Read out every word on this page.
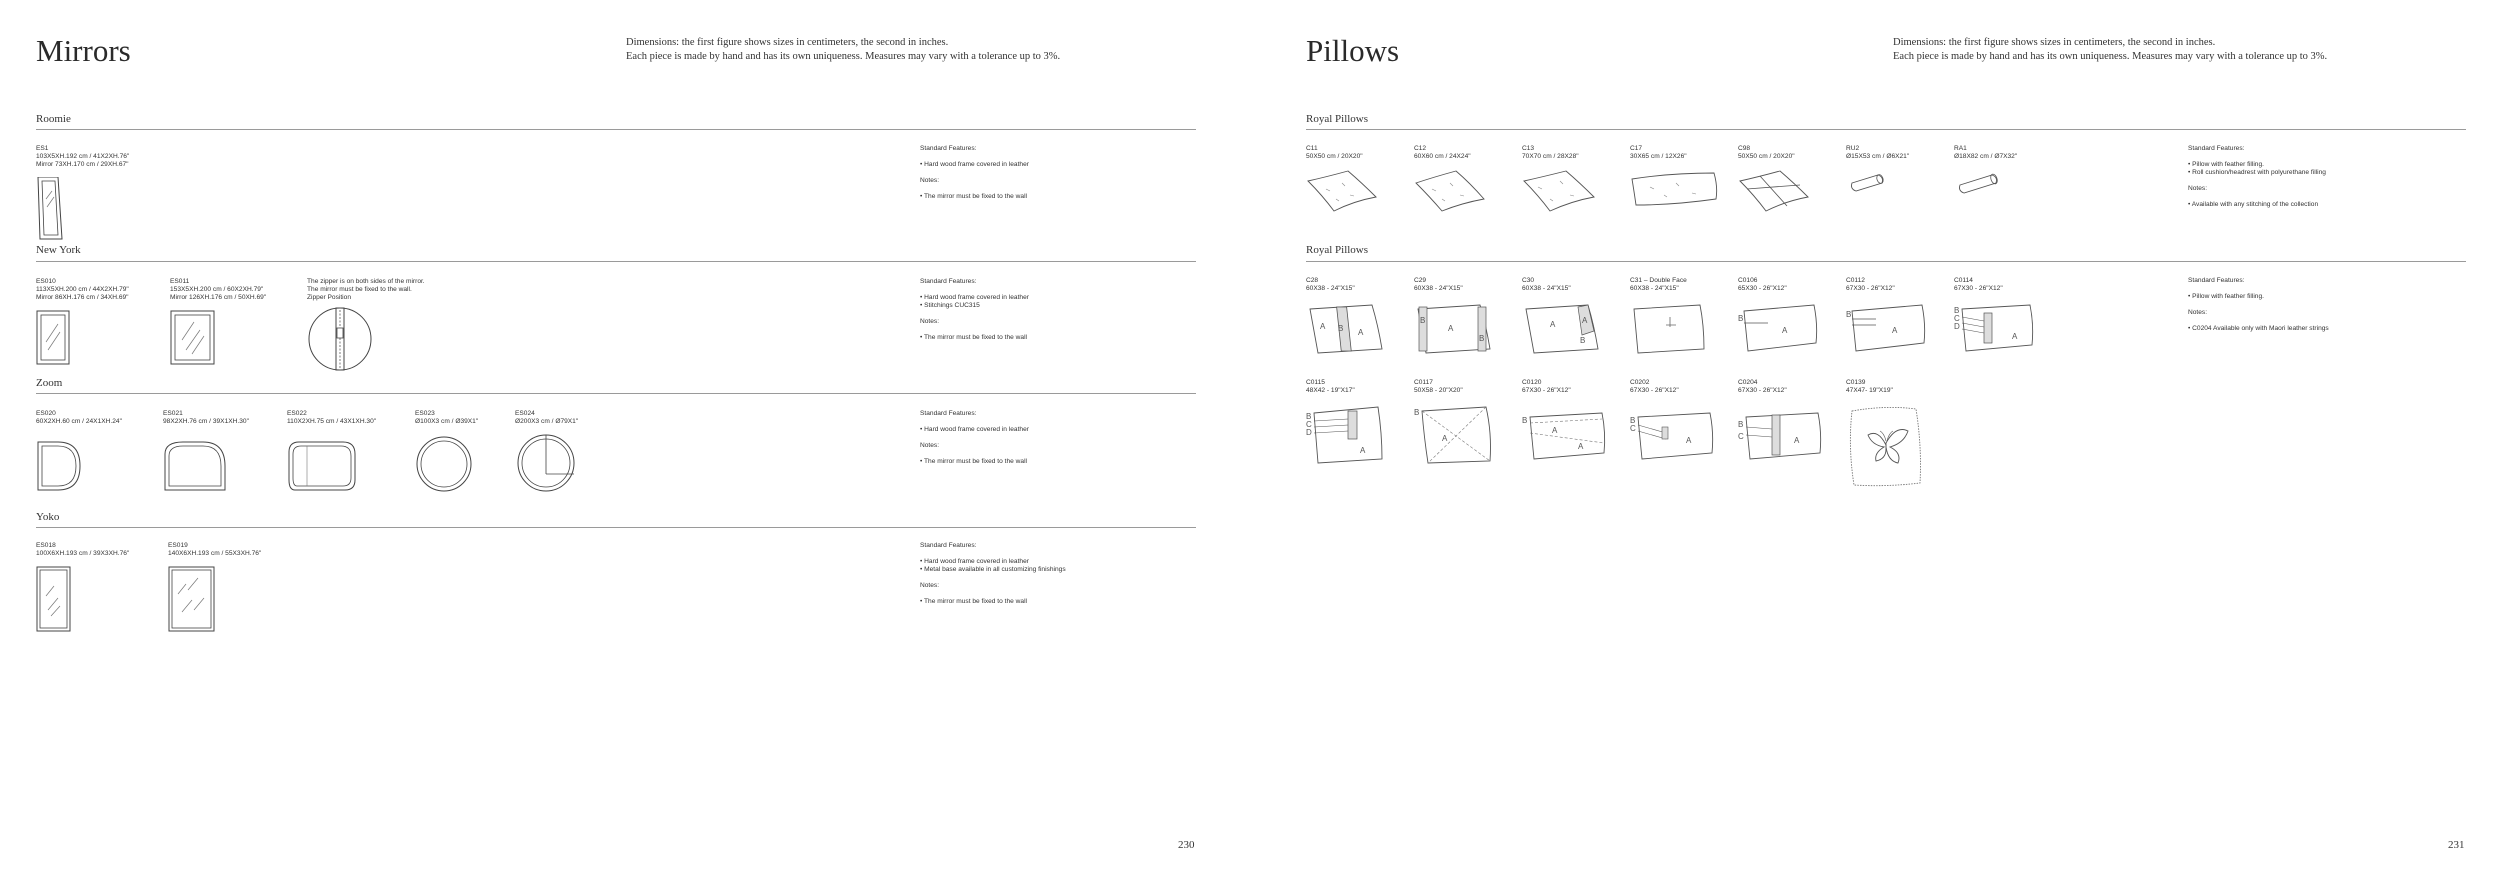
Mirrors	Dimensions: the first figure shows sizes in centimeters, the second in inches.
Each piece is made by hand and has its own uniqueness. Measures may vary with a tolerance up to 3%.
Roomie
ES1
103X5XH.192 cm / 41X2XH.76"
Mirror 73XH.170 cm / 29XH.67"
Standard Features:
• Hard wood frame covered in leather
Notes:
• The mirror must be fixed to the wall
New York
ES010
113X5XH.200 cm / 44X2XH.79"
Mirror 86XH.176 cm / 34XH.69"
ES011
153X5XH.200 cm / 60X2XH.79"
Mirror 126XH.176 cm / 50XH.69"
The zipper is on both sides of the mirror.
The mirror must be fixed to the wall.
Zipper Position
Standard Features:
• Hard wood frame covered in leather
• Stitchings CUC315
Notes:
• The mirror must be fixed to the wall
Zoom
ES020
60X2XH.60 cm / 24X1XH.24"
ES021
98X2XH.76 cm / 39X1XH.30"
ES022
110X2XH.75 cm / 43X1XH.30"
ES023
Ø100X3 cm / Ø39X1"
ES024
Ø200X3 cm / Ø79X1"
Standard Features:
• Hard wood frame covered in leather
Notes:
• The mirror must be fixed to the wall
Yoko
ES018
100X6XH.193 cm / 39X3XH.76"
ES019
140X6XH.193 cm / 55X3XH.76"
Standard Features:
• Hard wood frame covered in leather
• Metal base available in all customizing finishings
Notes:
• The mirror must be fixed to the wall
230
Pillows	Dimensions: the first figure shows sizes in centimeters, the second in inches.
Each piece is made by hand and has its own uniqueness. Measures may vary with a tolerance up to 3%.
Royal Pillows
C11
50X50 cm / 20X20"
C12
60X60 cm / 24X24"
C13
70X70 cm / 28X28"
C17
30X65 cm / 12X26"
C98
50X50 cm / 20X20"
RU2
Ø15X53 cm / Ø6X21"
RA1
Ø18X82 cm / Ø7X32"
Standard Features:
• Pillow with feather filling.
• Roll cushion/headrest with polyurethane filling
Notes:
• Available with any stitching of the collection
Royal Pillows
C28
60X38 - 24"X15"
A B A
C29
60X38 - 24"X15"
B
A
B
C30
60X38 - 24"X15"
A	A
B
C31 – Double Face
60X38 - 24"X15"
C0106
65X30 - 26"X12"
B
A
C0112
67X30 - 26"X12"
B
A
C0114
67X30 - 26"X12"
B
C
D
A
C0115
48X42 - 19"X17"
B
C
D
A
C0117
50X58 - 20"X20"
B
A
C0120
67X30 - 26"X12"
B
A
A
C0202
67X30 - 26"X12"
B
C
A
C0204
67X30 - 26"X12"
B
C	A
C0139
47X47- 19"X19"
Standard Features:
• Pillow with feather filling.
Notes:
• C0204 Available only with Maori leather strings
231
